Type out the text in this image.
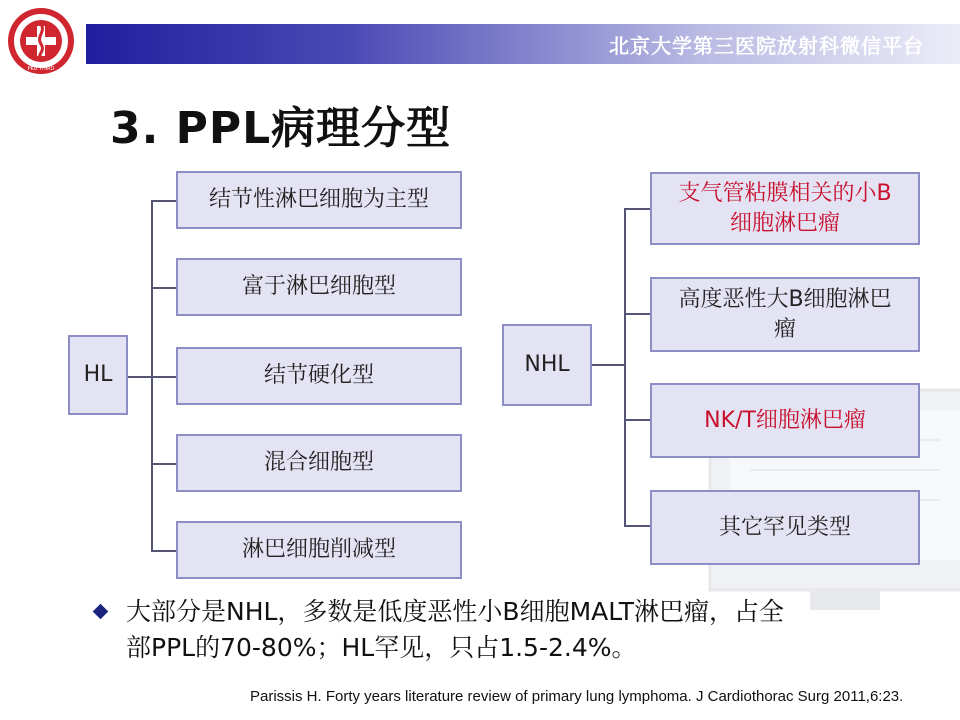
北京大学第三医院放射科微信平台
PKU THIRD
3. PPL病理分型
HL
结节性淋巴细胞为主型
富于淋巴细胞型
结节硬化型
混合细胞型
淋巴细胞削减型
NHL
支气管粘膜相关的小B
细胞淋巴瘤
高度恶性大B细胞淋巴
瘤
NK/T细胞淋巴瘤
其它罕见类型
大部分是NHL，多数是低度恶性小B细胞MALT淋巴瘤，占全
部PPL的70-80%；HL罕见，只占1.5-2.4%。
Parissis H. Forty years literature review of primary lung lymphoma. J Cardiothorac Surg 2011,6:23.
